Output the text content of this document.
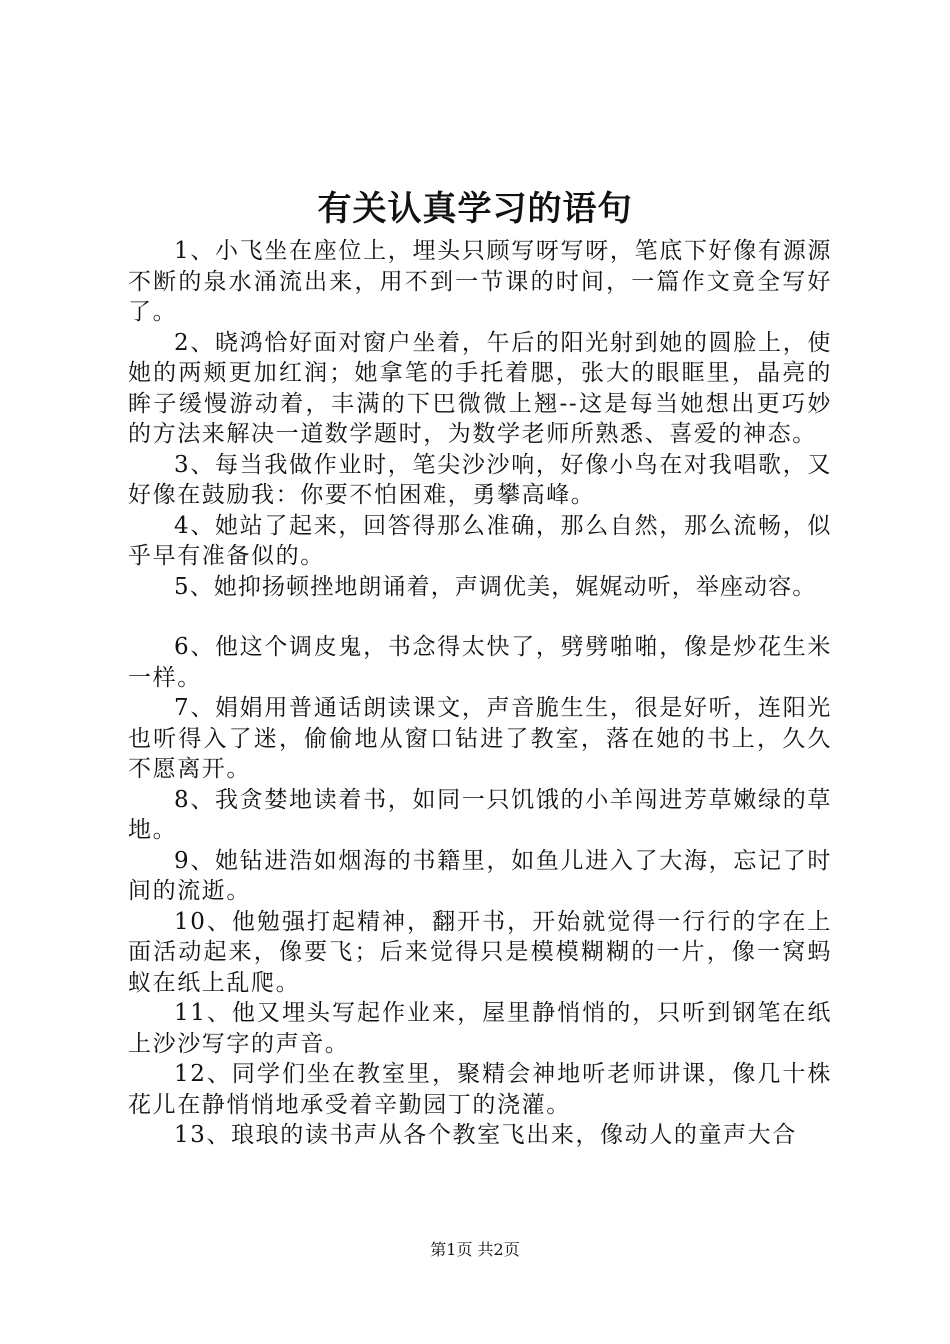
有关认真学习的语句

1、小飞坐在座位上，埋头只顾写呀写呀，笔底下好像有源源不断的泉水涌流出来，用不到一节课的时间，一篇作文竟全写好了。

2、晓鸿恰好面对窗户坐着，午后的阳光射到她的圆脸上，使她的两颊更加红润；她拿笔的手托着腮，张大的眼眶里，晶亮的眸子缓慢游动着，丰满的下巴微微上翘--这是每当她想出更巧妙的方法来解决一道数学题时，为数学老师所熟悉、喜爱的神态。

3、每当我做作业时，笔尖沙沙响，好像小鸟在对我唱歌，又好像在鼓励我：你要不怕困难，勇攀高峰。

4、她站了起来，回答得那么准确，那么自然，那么流畅，似乎早有准备似的。

5、她抑扬顿挫地朗诵着，声调优美，娓娓动听，举座动容。

6、他这个调皮鬼，书念得太快了，劈劈啪啪，像是炒花生米一样。

7、娟娟用普通话朗读课文，声音脆生生，很是好听，连阳光也听得入了迷，偷偷地从窗口钻进了教室，落在她的书上，久久不愿离开。

8、我贪婪地读着书，如同一只饥饿的小羊闯进芳草嫩绿的草地。

9、她钻进浩如烟海的书籍里，如鱼儿进入了大海，忘记了时间的流逝。

10、他勉强打起精神，翻开书，开始就觉得一行行的字在上面活动起来，像要飞；后来觉得只是模模糊糊的一片，像一窝蚂蚁在纸上乱爬。

11、他又埋头写起作业来，屋里静悄悄的，只听到钢笔在纸上沙沙写字的声音。

12、同学们坐在教室里，聚精会神地听老师讲课，像几十株花儿在静悄悄地承受着辛勤园丁的浇灌。

13、琅琅的读书声从各个教室飞出来，像动人的童声大合

第1页 共2页
